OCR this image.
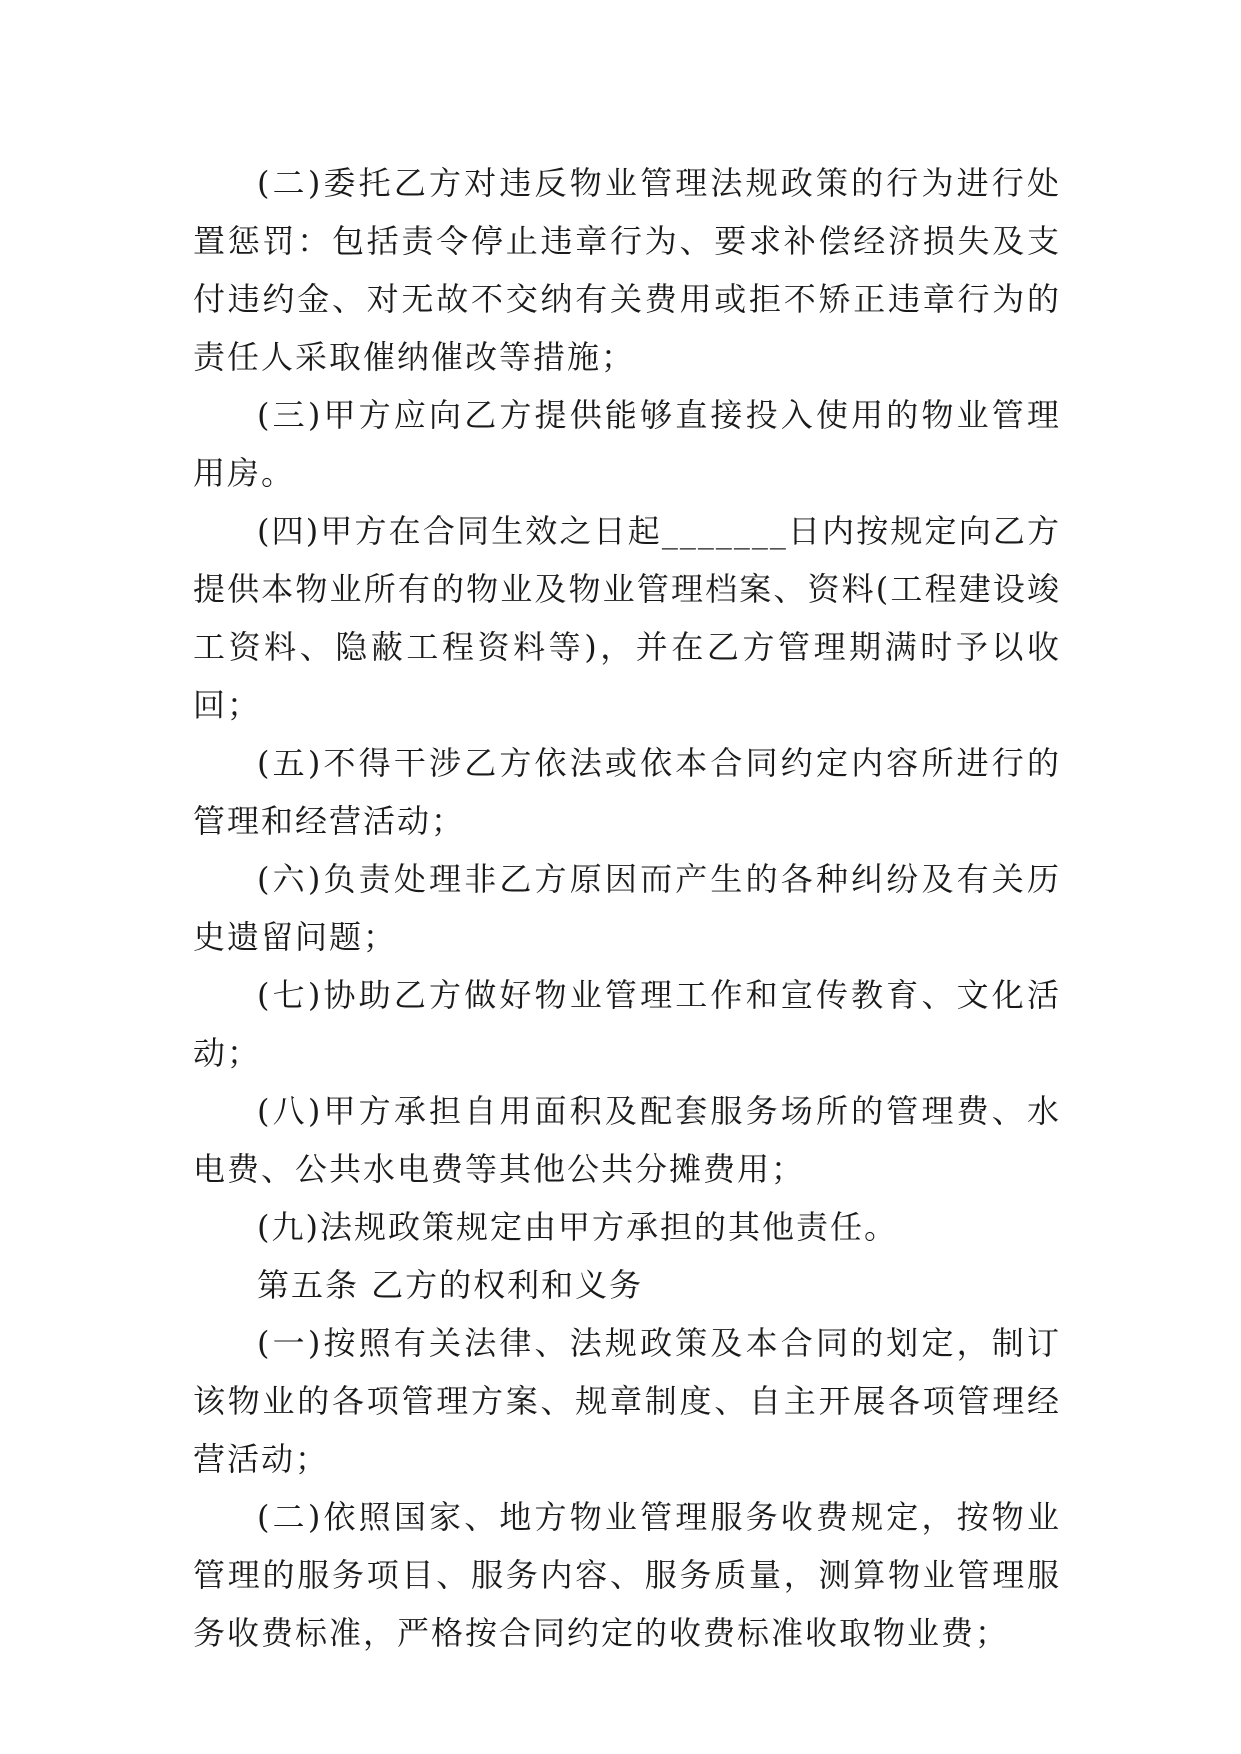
(二)委托乙方对违反物业管理法规政策的行为进行处置惩罚：包括责令停止违章行为、要求补偿经济损失及支付违约金、对无故不交纳有关费用或拒不矫正违章行为的责任人采取催纳催改等措施；

(三)甲方应向乙方提供能够直接投入使用的物业管理用房。

(四)甲方在合同生效之日起_______日内按规定向乙方提供本物业所有的物业及物业管理档案、资料(工程建设竣工资料、隐蔽工程资料等)，并在乙方管理期满时予以收回；

(五)不得干涉乙方依法或依本合同约定内容所进行的管理和经营活动；

(六)负责处理非乙方原因而产生的各种纠纷及有关历史遗留问题；

(七)协助乙方做好物业管理工作和宣传教育、文化活动；

(八)甲方承担自用面积及配套服务场所的管理费、水电费、公共水电费等其他公共分摊费用；

(九)法规政策规定由甲方承担的其他责任。

第五条 乙方的权利和义务

(一)按照有关法律、法规政策及本合同的划定，制订该物业的各项管理方案、规章制度、自主开展各项管理经营活动；

(二)依照国家、地方物业管理服务收费规定，按物业管理的服务项目、服务内容、服务质量，测算物业管理服务收费标准，严格按合同约定的收费标准收取物业费；
